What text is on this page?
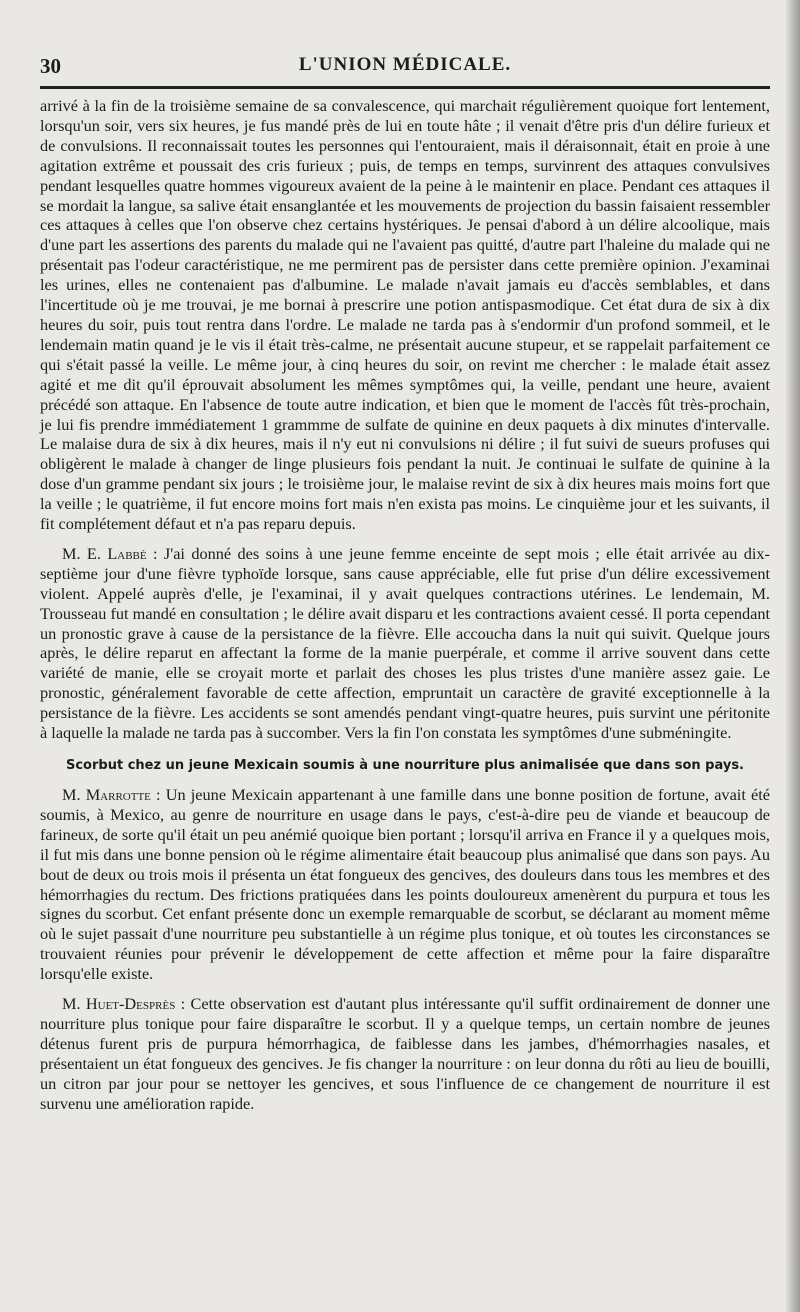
30	L'UNION MÉDICALE.

arrivé à la fin de la troisième semaine de sa convalescence, qui marchait régulièrement quoique fort lentement, lorsqu'un soir, vers six heures, je fus mandé près de lui en toute hâte ; il venait d'être pris d'un délire furieux et de convulsions. Il reconnaissait toutes les personnes qui l'entouraient, mais il déraisonnait, était en proie à une agitation extrême et poussait des cris furieux ; puis, de temps en temps, survinrent des attaques convulsives pendant lesquelles quatre hommes vigoureux avaient de la peine à le maintenir en place. Pendant ces attaques il se mordait la langue, sa salive était ensanglantée et les mouvements de projection du bassin faisaient ressembler ces attaques à celles que l'on observe chez certains hystériques. Je pensai d'abord à un délire alcoolique, mais d'une part les assertions des parents du malade qui ne l'avaient pas quitté, d'autre part l'haleine du malade qui ne présentait pas l'odeur caractéristique, ne me permirent pas de persister dans cette première opinion. J'examinai les urines, elles ne contenaient pas d'albumine. Le malade n'avait jamais eu d'accès semblables, et dans l'incertitude où je me trouvai, je me bornai à prescrire une potion antispasmodique. Cet état dura de six à dix heures du soir, puis tout rentra dans l'ordre. Le malade ne tarda pas à s'endormir d'un profond sommeil, et le lendemain matin quand je le vis il était très-calme, ne présentait aucune stupeur, et se rappelait parfaitement ce qui s'était passé la veille. Le même jour, à cinq heures du soir, on revint me chercher : le malade était assez agité et me dit qu'il éprouvait absolument les mêmes symptômes qui, la veille, pendant une heure, avaient précédé son attaque. En l'absence de toute autre indication, et bien que le moment de l'accès fût très-prochain, je lui fis prendre immédiatement 1 grammme de sulfate de quinine en deux paquets à dix minutes d'intervalle. Le malaise dura de six à dix heures, mais il n'y eut ni convulsions ni délire ; il fut suivi de sueurs profuses qui obligèrent le malade à changer de linge plusieurs fois pendant la nuit. Je continuai le sulfate de quinine à la dose d'un gramme pendant six jours ; le troisième jour, le malaise revint de six à dix heures mais moins fort que la veille ; le quatrième, il fut encore moins fort mais n'en exista pas moins. Le cinquième jour et les suivants, il fit complétement défaut et n'a pas reparu depuis.

M. E. Labbé : J'ai donné des soins à une jeune femme enceinte de sept mois ; elle était arrivée au dix-septième jour d'une fièvre typhoïde lorsque, sans cause appréciable, elle fut prise d'un délire excessivement violent. Appelé auprès d'elle, je l'examinai, il y avait quelques contractions utérines. Le lendemain, M. Trousseau fut mandé en consultation ; le délire avait disparu et les contractions avaient cessé. Il porta cependant un pronostic grave à cause de la persistance de la fièvre. Elle accoucha dans la nuit qui suivit. Quelque jours après, le délire reparut en affectant la forme de la manie puerpérale, et comme il arrive souvent dans cette variété de manie, elle se croyait morte et parlait des choses les plus tristes d'une manière assez gaie. Le pronostic, généralement favorable de cette affection, empruntait un caractère de gravité exceptionnelle à la persistance de la fièvre. Les accidents se sont amendés pendant vingt-quatre heures, puis survint une péritonite à laquelle la malade ne tarda pas à succomber. Vers la fin l'on constata les symptômes d'une subméningite.

Scorbut chez un jeune Mexicain soumis à une nourriture plus animalisée que dans son pays.

M. Marrotte : Un jeune Mexicain appartenant à une famille dans une bonne position de fortune, avait été soumis, à Mexico, au genre de nourriture en usage dans le pays, c'est-à-dire peu de viande et beaucoup de farineux, de sorte qu'il était un peu anémié quoique bien portant ; lorsqu'il arriva en France il y a quelques mois, il fut mis dans une bonne pension où le régime alimentaire était beaucoup plus animalisé que dans son pays. Au bout de deux ou trois mois il présenta un état fongueux des gencives, des douleurs dans tous les membres et des hémorrhagies du rectum. Des frictions pratiquées dans les points douloureux amenèrent du purpura et tous les signes du scorbut. Cet enfant présente donc un exemple remarquable de scorbut, se déclarant au moment même où le sujet passait d'une nourriture peu substantielle à un régime plus tonique, et où toutes les circonstances se trouvaient réunies pour prévenir le développement de cette affection et même pour la faire disparaître lorsqu'elle existe.

M. Huet-Desprès : Cette observation est d'autant plus intéressante qu'il suffit ordinairement de donner une nourriture plus tonique pour faire disparaître le scorbut. Il y a quelque temps, un certain nombre de jeunes détenus furent pris de purpura hémorrhagica, de faiblesse dans les jambes, d'hémorrhagies nasales, et présentaient un état fongueux des gencives. Je fis changer la nourriture : on leur donna du rôti au lieu de bouilli, un citron par jour pour se nettoyer les gencives, et sous l'influence de ce changement de nourriture il est survenu une amélioration rapide.
